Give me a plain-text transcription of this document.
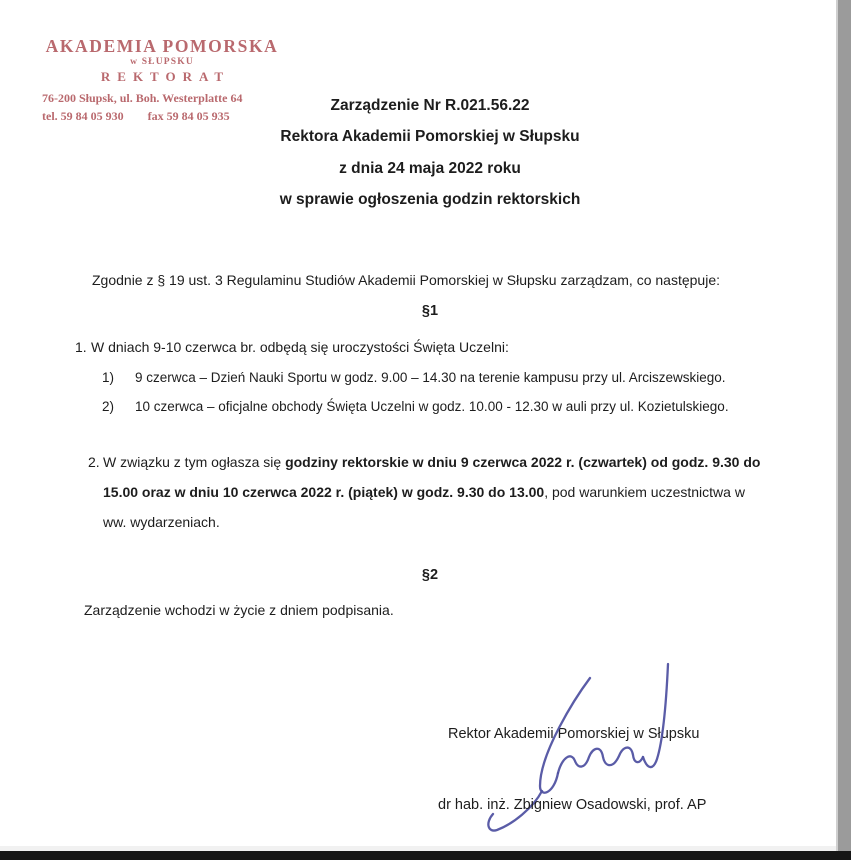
AKADEMIA POMORSKA
w SŁUPSKU
REKTORAT
76-200 Słupsk, ul. Boh. Westerplatte 64
tel. 59 84 05 930 fax 59 84 05 935
Zarządzenie Nr R.021.56.22
Rektora Akademii Pomorskiej w Słupsku
z dnia 24 maja 2022 roku
w sprawie ogłoszenia godzin rektorskich
Zgodnie z § 19 ust. 3 Regulaminu Studiów Akademii Pomorskiej w Słupsku zarządzam, co następuje:
§1
1. W dniach 9-10 czerwca br. odbędą się uroczystości Święta Uczelni:
1) 9 czerwca – Dzień Nauki Sportu w godz. 9.00 – 14.30 na terenie kampusu przy ul. Arciszewskiego.
2) 10 czerwca – oficjalne obchody Święta Uczelni w godz. 10.00 - 12.30 w auli przy ul. Kozietulskiego.
2. W związku z tym ogłasza się godziny rektorskie w dniu 9 czerwca 2022 r. (czwartek) od godz. 9.30 do
15.00 oraz w dniu 10 czerwca 2022 r. (piątek) w godz. 9.30 do 13.00, pod warunkiem uczestnictwa w
ww. wydarzeniach.
§2
Zarządzenie wchodzi w życie z dniem podpisania.
Rektor Akademii Pomorskiej w Słupsku
dr hab. inż. Zbigniew Osadowski, prof. AP
